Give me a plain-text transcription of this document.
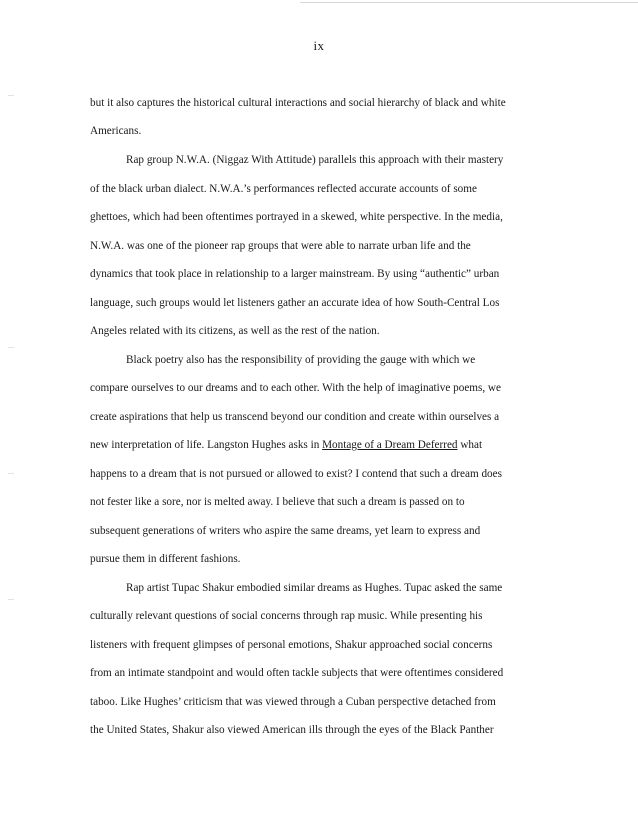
ix
but it also captures the historical cultural interactions and social hierarchy of black and white
Americans.
Rap group N.W.A. (Niggaz With Attitude) parallels this approach with their mastery
of the black urban dialect. N.W.A.’s performances reflected accurate accounts of some
ghettoes, which had been oftentimes portrayed in a skewed, white perspective. In the media,
N.W.A. was one of the pioneer rap groups that were able to narrate urban life and the
dynamics that took place in relationship to a larger mainstream. By using “authentic” urban
language, such groups would let listeners gather an accurate idea of how South-Central Los
Angeles related with its citizens, as well as the rest of the nation.
Black poetry also has the responsibility of providing the gauge with which we
compare ourselves to our dreams and to each other. With the help of imaginative poems, we
create aspirations that help us transcend beyond our condition and create within ourselves a
new interpretation of life. Langston Hughes asks in Montage of a Dream Deferred what
happens to a dream that is not pursued or allowed to exist? I contend that such a dream does
not fester like a sore, nor is melted away. I believe that such a dream is passed on to
subsequent generations of writers who aspire the same dreams, yet learn to express and
pursue them in different fashions.
Rap artist Tupac Shakur embodied similar dreams as Hughes. Tupac asked the same
culturally relevant questions of social concerns through rap music. While presenting his
listeners with frequent glimpses of personal emotions, Shakur approached social concerns
from an intimate standpoint and would often tackle subjects that were oftentimes considered
taboo. Like Hughes’ criticism that was viewed through a Cuban perspective detached from
the United States, Shakur also viewed American ills through the eyes of the Black Panther
